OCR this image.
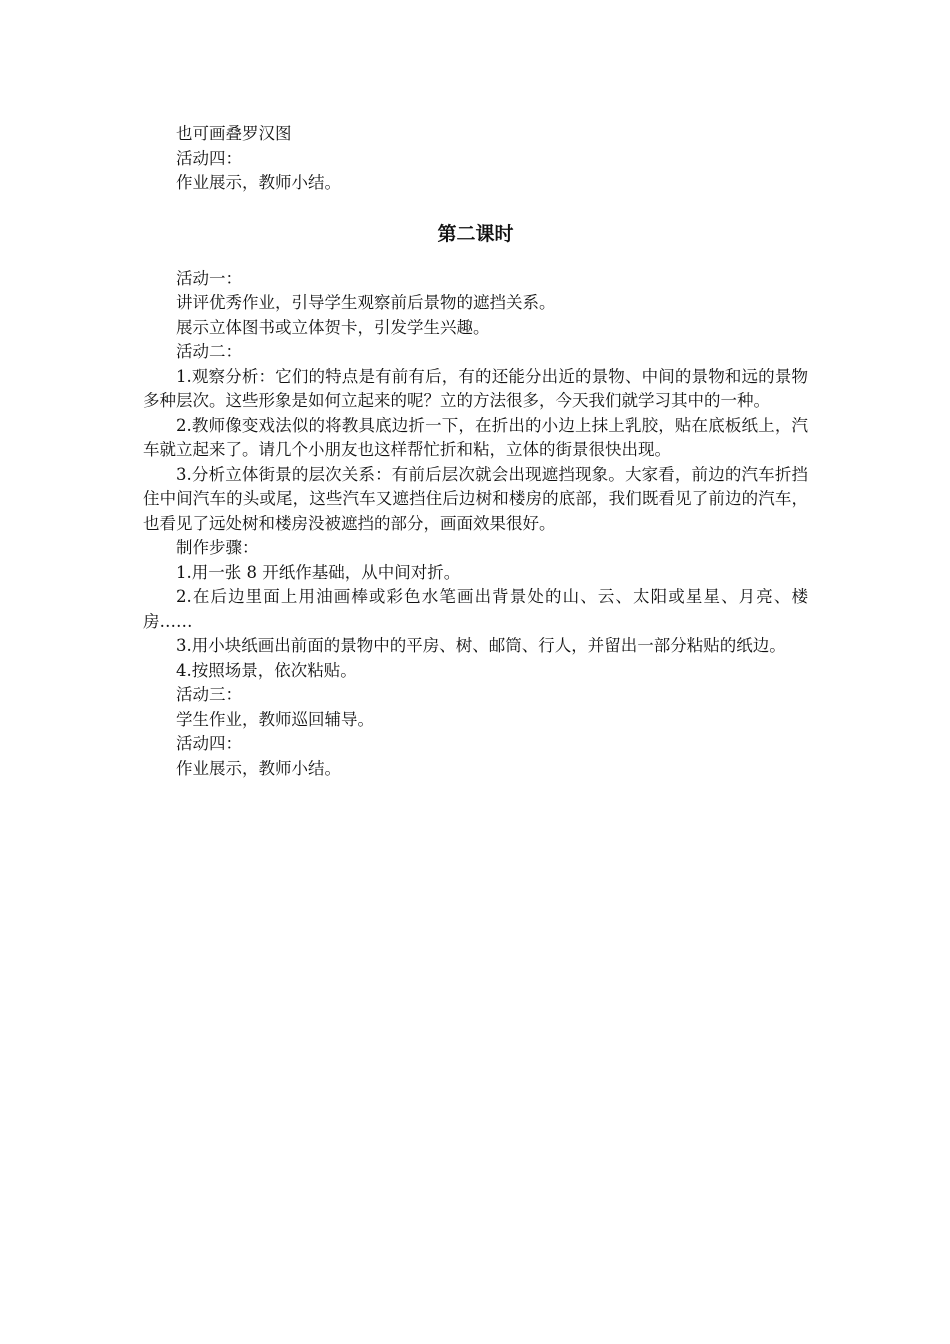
也可画叠罗汉图

活动四：

作业展示，教师小结。

第二课时

活动一：

讲评优秀作业，引导学生观察前后景物的遮挡关系。

展示立体图书或立体贺卡，引发学生兴趣。

活动二：

1.观察分析：它们的特点是有前有后，有的还能分出近的景物、中间的景物和远的景物多种层次。这些形象是如何立起来的呢？立的方法很多，今天我们就学习其中的一种。

2.教师像变戏法似的将教具底边折一下，在折出的小边上抹上乳胶，贴在底板纸上，汽车就立起来了。请几个小朋友也这样帮忙折和粘，立体的街景很快出现。

3.分析立体街景的层次关系：有前后层次就会出现遮挡现象。大家看，前边的汽车折挡住中间汽车的头或尾，这些汽车又遮挡住后边树和楼房的底部，我们既看见了前边的汽车，也看见了远处树和楼房没被遮挡的部分，画面效果很好。

制作步骤：

1.用一张 8 开纸作基础，从中间对折。

2.在后边里面上用油画棒或彩色水笔画出背景处的山、云、太阳或星星、月亮、楼房……

3.用小块纸画出前面的景物中的平房、树、邮筒、行人，并留出一部分粘贴的纸边。

4.按照场景，依次粘贴。

活动三：

学生作业，教师巡回辅导。

活动四：

作业展示，教师小结。
